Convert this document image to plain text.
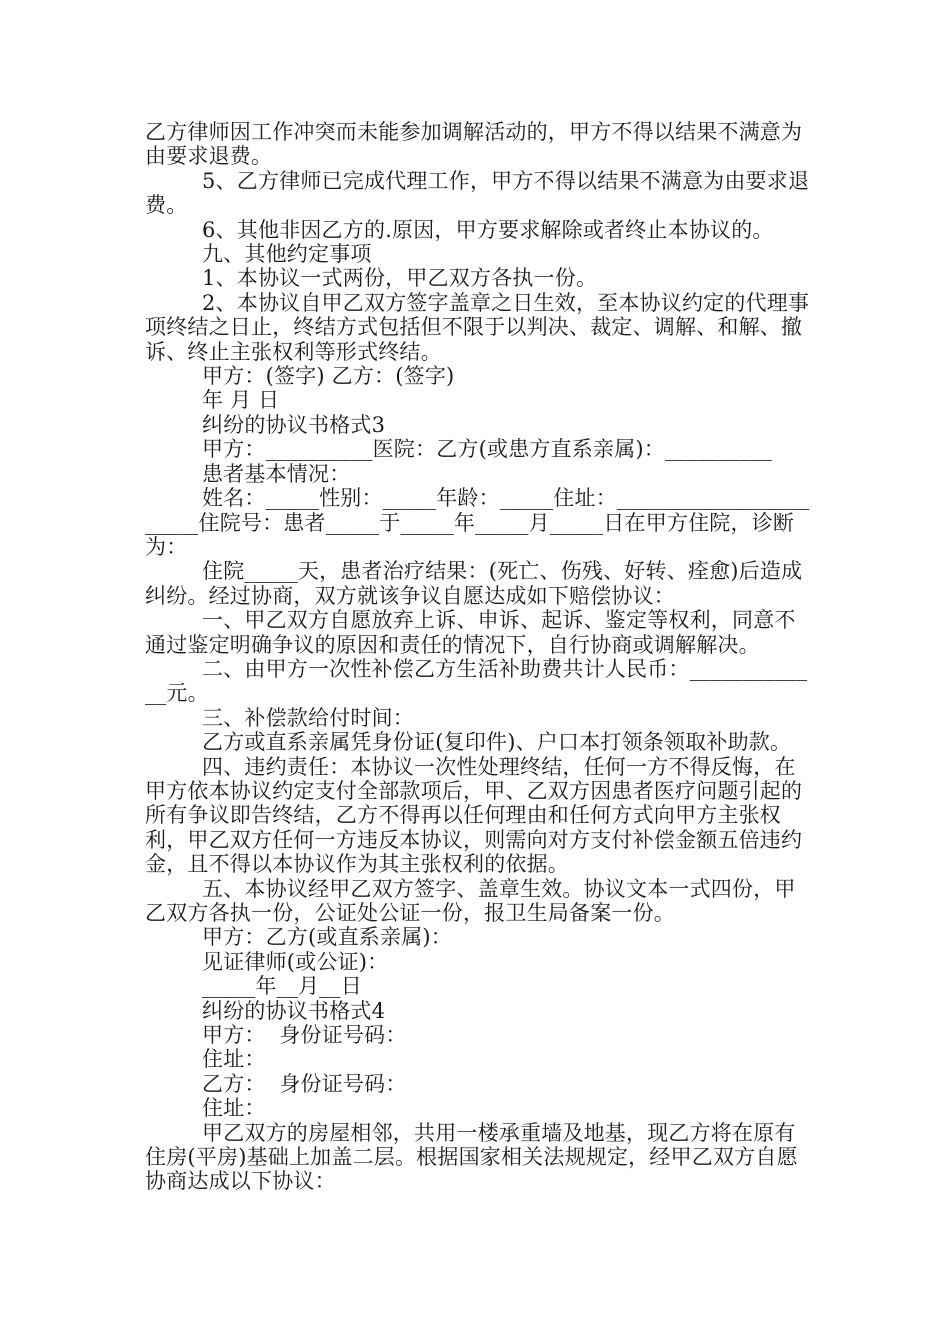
乙方律师因工作冲突而未能参加调解活动的，甲方不得以结果不满意为由要求退费。

5、乙方律师已完成代理工作，甲方不得以结果不满意为由要求退费。

6、其他非因乙方的.原因，甲方要求解除或者终止本协议的。

九、其他约定事项

1、本协议一式两份，甲乙双方各执一份。

2、本协议自甲乙双方签字盖章之日生效，至本协议约定的代理事项终结之日止，终结方式包括但不限于以判决、裁定、调解、和解、撤诉、终止主张权利等形式终结。

甲方：(签字) 乙方：(签字)

年 月 日

纠纷的协议书格式3

甲方：__________医院：乙方(或患方直系亲属)：__________

患者基本情况：

姓名：_____性别：_____年龄：_____住址：_______________________住院号：患者_____于_____年_____月_____日在甲方住院，诊断为：

住院_____天，患者治疗结果：(死亡、伤残、好转、痊愈)后造成纠纷。经过协商，双方就该争议自愿达成如下赔偿协议：

一、甲乙双方自愿放弃上诉、申诉、起诉、鉴定等权利，同意不通过鉴定明确争议的原因和责任的情况下，自行协商或调解解决。

二、由甲方一次性补偿乙方生活补助费共计人民币：_____________元。

三、补偿款给付时间：

乙方或直系亲属凭身份证(复印件)、户口本打领条领取补助款。

四、违约责任：本协议一次性处理终结，任何一方不得反悔，在甲方依本协议约定支付全部款项后，甲、乙双方因患者医疗问题引起的所有争议即告终结，乙方不得再以任何理由和任何方式向甲方主张权利，甲乙双方任何一方违反本协议，则需向对方支付补偿金额五倍违约金，且不得以本协议作为其主张权利的依据。

五、本协议经甲乙双方签字、盖章生效。协议文本一式四份，甲乙双方各执一份，公证处公证一份，报卫生局备案一份。

甲方：乙方(或直系亲属)：

见证律师(或公证)：

_____年__月__日

纠纷的协议书格式4

甲方：  身份证号码：

住址：

乙方：  身份证号码：

住址：

甲乙双方的房屋相邻，共用一楼承重墙及地基，现乙方将在原有住房(平房)基础上加盖二层。根据国家相关法规规定，经甲乙双方自愿协商达成以下协议：
